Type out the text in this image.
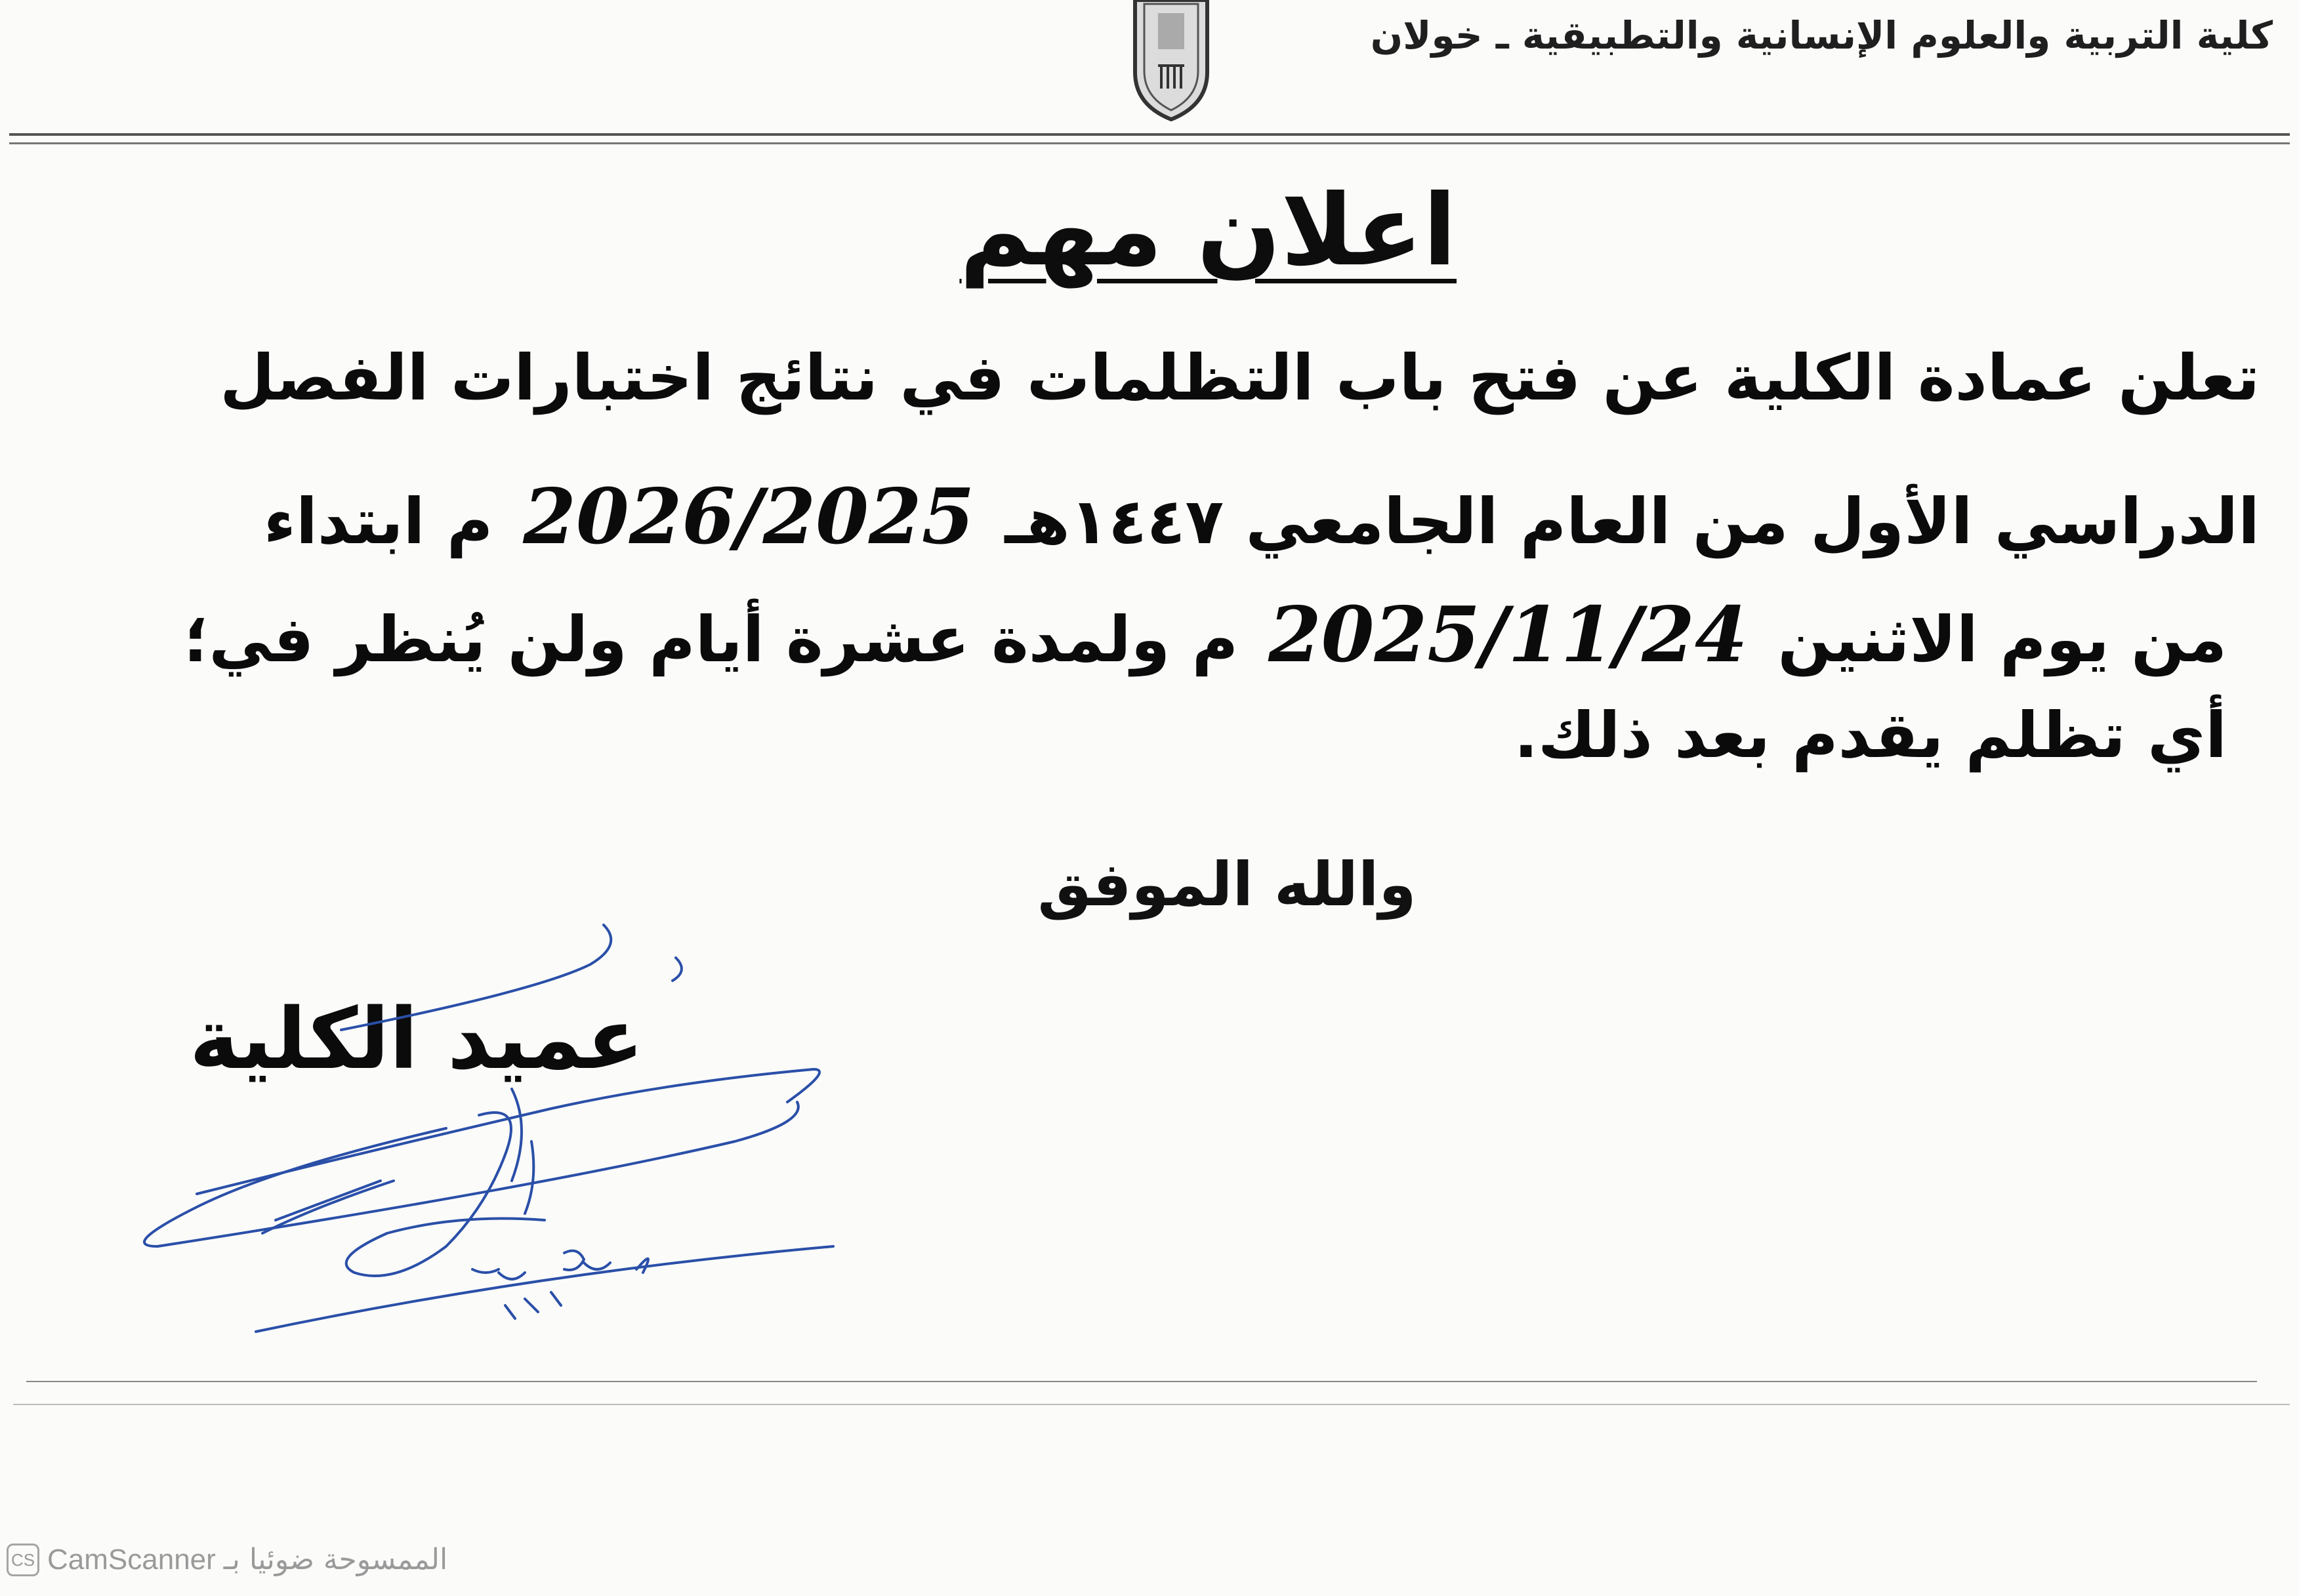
كلية التربية والعلوم الإنسانية والتطبيقية ـ خولان
اعلان مهم
تعلن عمادة الكلية عن فتح باب التظلمات في نتائج اختبارات الفصل
الدراسي الأول من العام الجامعي ١٤٤٧هـ2026/2025م ابتداء
من يوم الاثنين2025/11/24م ولمدة عشرة أيام ولن يُنظر في؛
أي تظلم يقدم بعد ذلك.
والله الموفق
عميد الكلية
الممسوحة ضوئيا بـ
CamScanner
CS
